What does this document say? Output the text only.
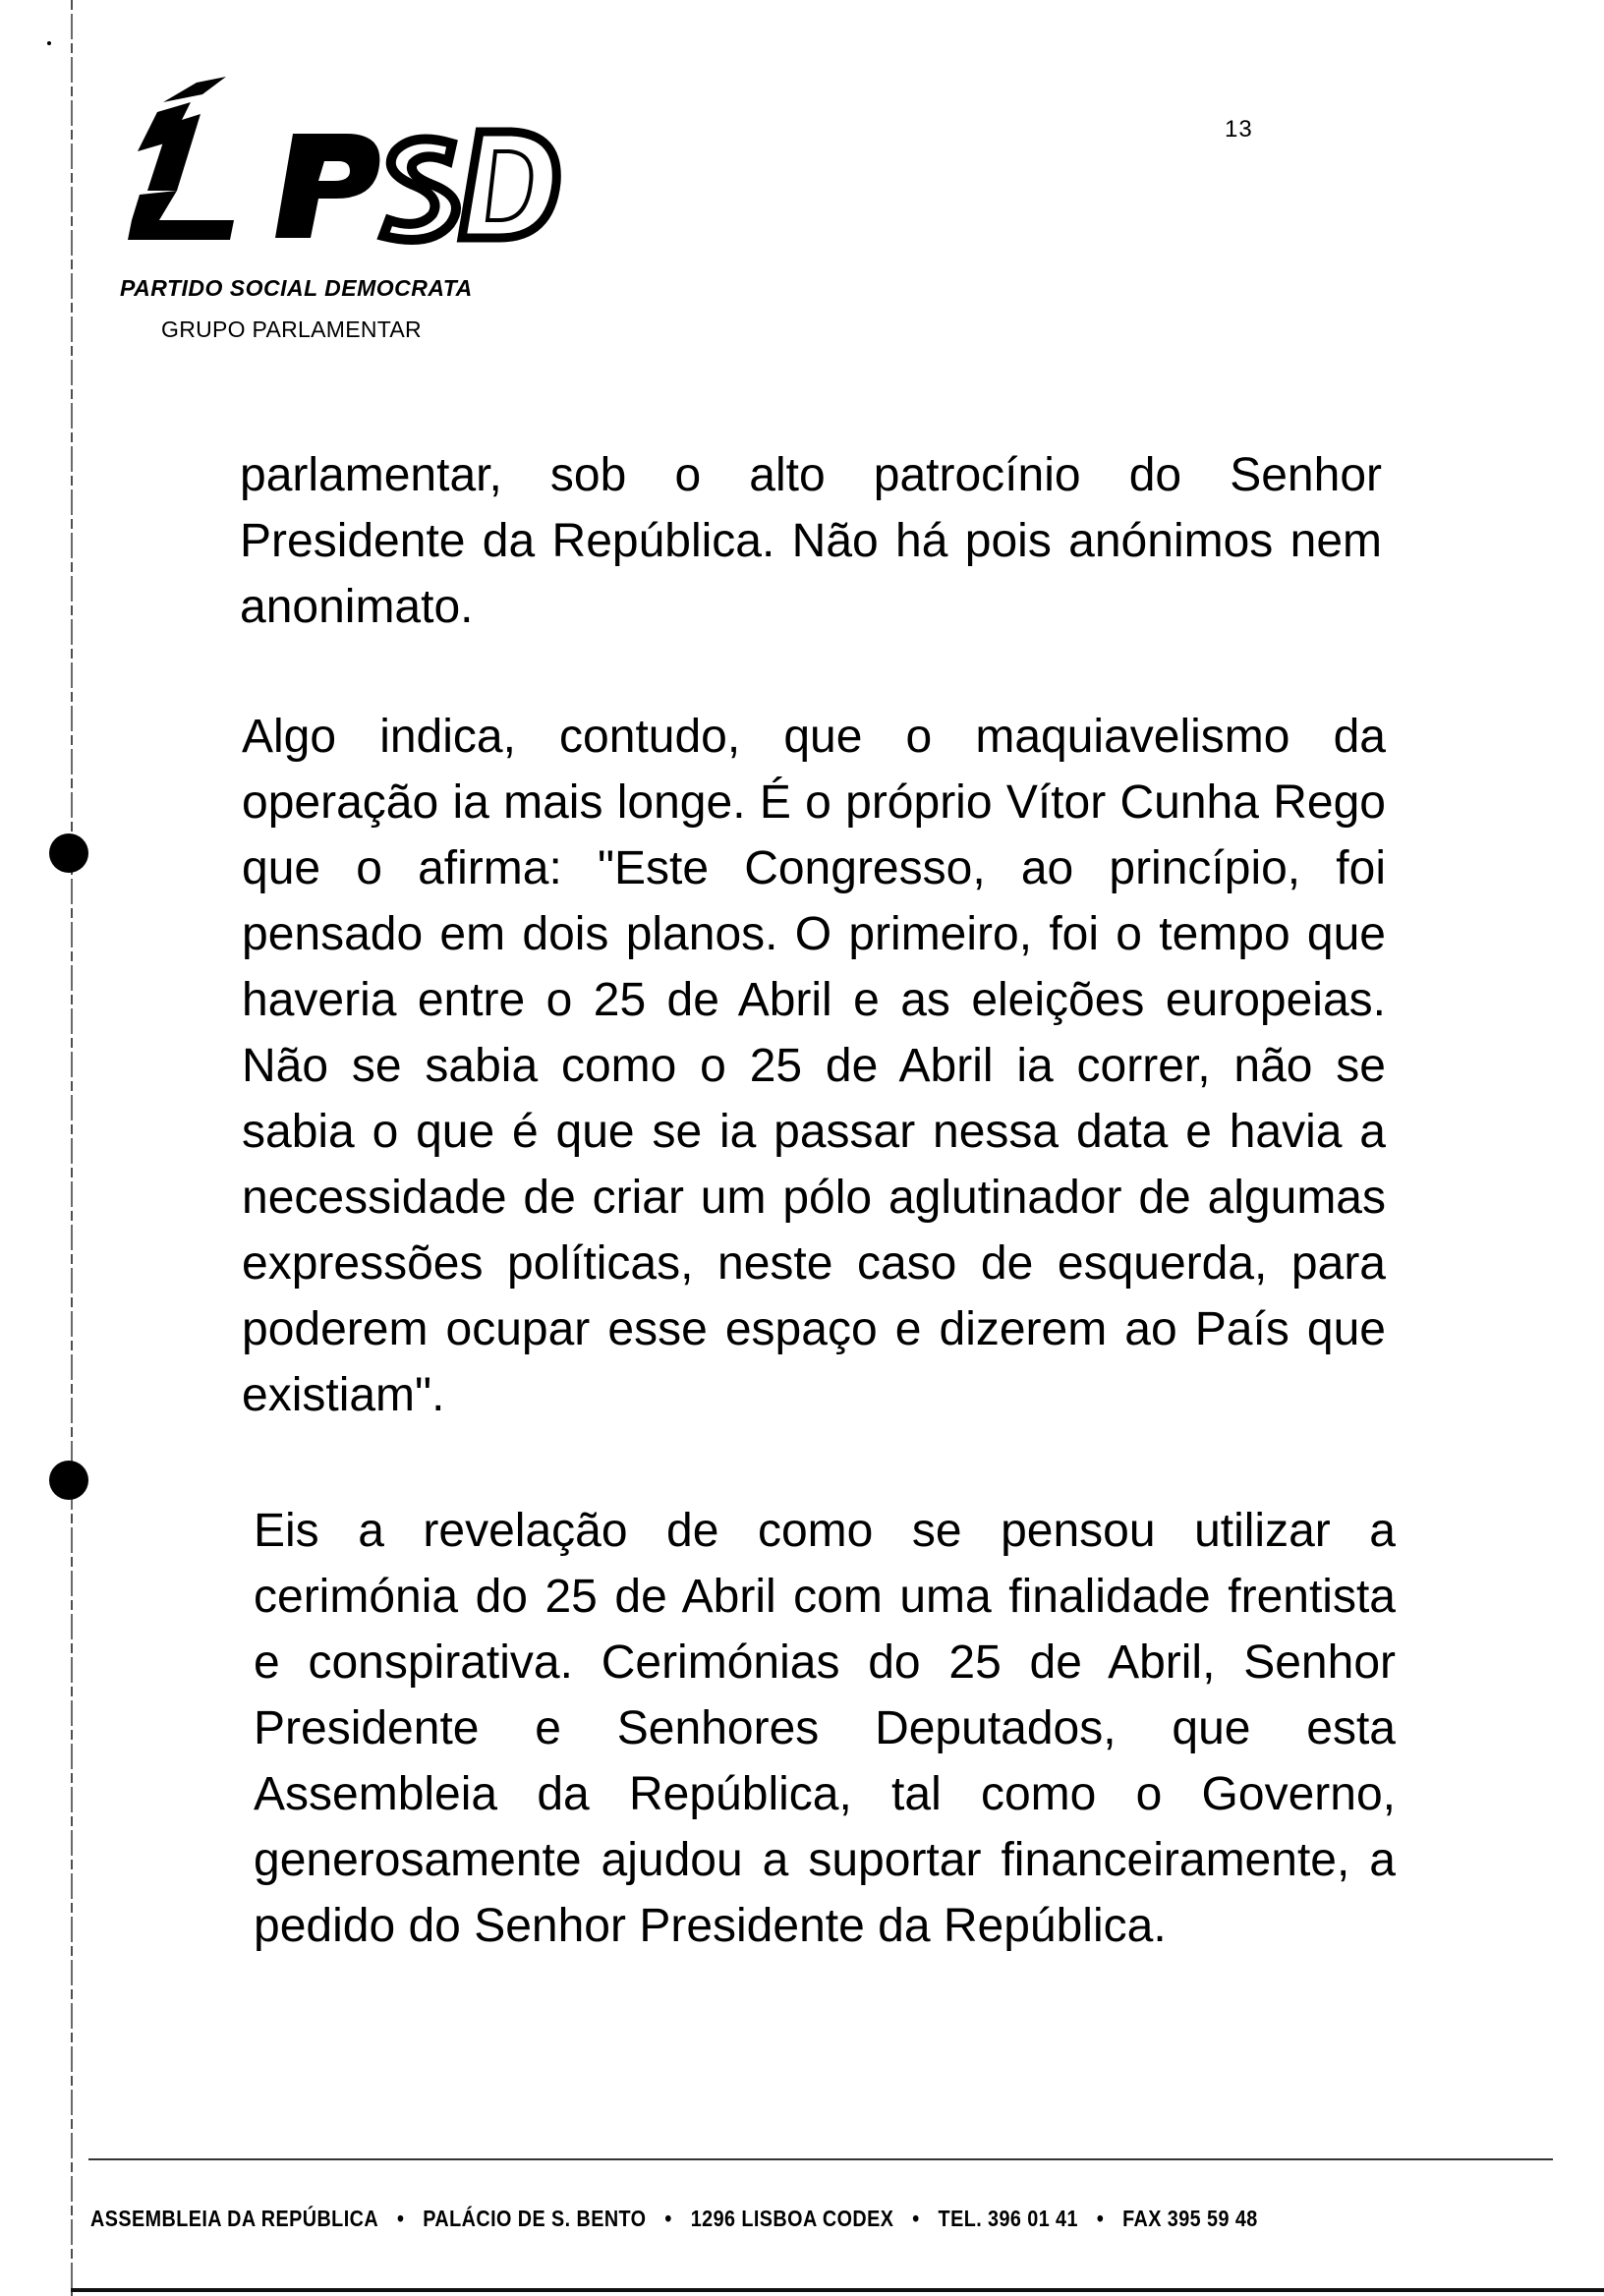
PARTIDO SOCIAL DEMOCRATA
GRUPO PARLAMENTAR
13
parlamentar, sob o alto patrocínio do Senhor Presidente da República. Não há pois anónimos nem anonimato.
Algo indica, contudo, que o maquiavelismo da operação ia mais longe. É o próprio Vítor Cunha Rego que o afirma: "Este Congresso, ao princípio, foi pensado em dois planos. O primeiro, foi o tempo que haveria entre o 25 de Abril e as eleições europeias. Não se sabia como o 25 de Abril ia correr, não se sabia o que é que se ia passar nessa data e havia a necessidade de criar um pólo aglutinador de algumas expressões políticas, neste caso de esquerda, para poderem ocupar esse espaço e dizerem ao País que existiam".
Eis a revelação de como se pensou utilizar a cerimónia do 25 de Abril com uma finalidade frentista e conspirativa. Cerimónias do 25 de Abril, Senhor Presidente e Senhores Deputados, que esta Assembleia da República, tal como o Governo, generosamente ajudou a suportar financeiramente, a pedido do Senhor Presidente da República.
ASSEMBLEIA DA REPÚBLICA • PALÁCIO DE S. BENTO • 1296 LISBOA CODEX • TEL. 396 01 41 • FAX 395 59 48
